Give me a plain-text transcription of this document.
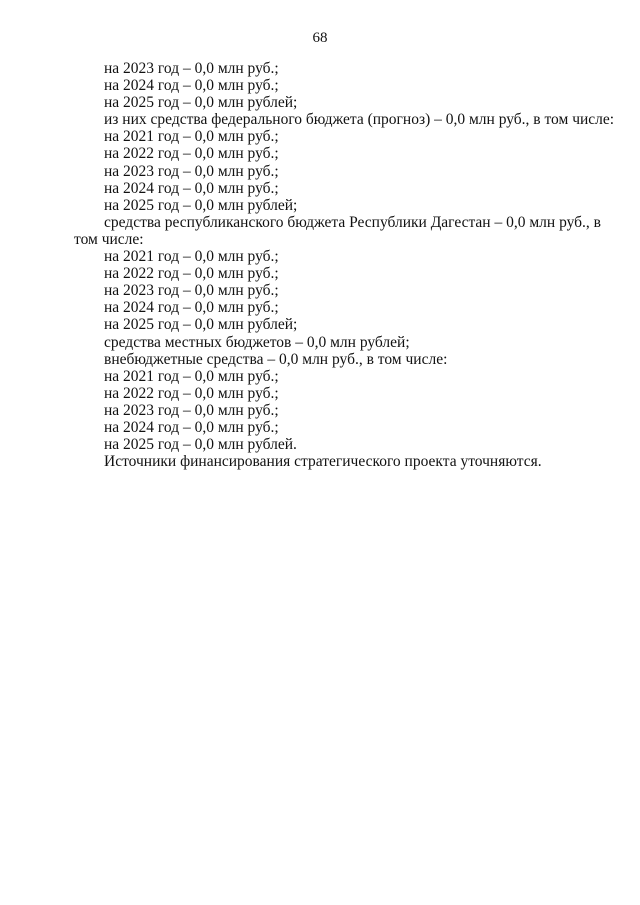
68
на 2023 год – 0,0 млн руб.;
на 2024 год – 0,0 млн руб.;
на 2025 год – 0,0 млн рублей;
из них средства федерального бюджета (прогноз) – 0,0 млн руб., в том числе:
на 2021 год – 0,0 млн руб.;
на 2022 год – 0,0 млн руб.;
на 2023 год – 0,0 млн руб.;
на 2024 год – 0,0 млн руб.;
на 2025 год – 0,0 млн рублей;
средства республиканского бюджета Республики Дагестан – 0,0 млн руб., в
том числе:
на 2021 год – 0,0 млн руб.;
на 2022 год – 0,0 млн руб.;
на 2023 год – 0,0 млн руб.;
на 2024 год – 0,0 млн руб.;
на 2025 год – 0,0 млн рублей;
средства местных бюджетов – 0,0 млн рублей;
внебюджетные средства – 0,0 млн руб., в том числе:
на 2021 год – 0,0 млн руб.;
на 2022 год – 0,0 млн руб.;
на 2023 год – 0,0 млн руб.;
на 2024 год – 0,0 млн руб.;
на 2025 год – 0,0 млн рублей.
Источники финансирования стратегического проекта уточняются.
